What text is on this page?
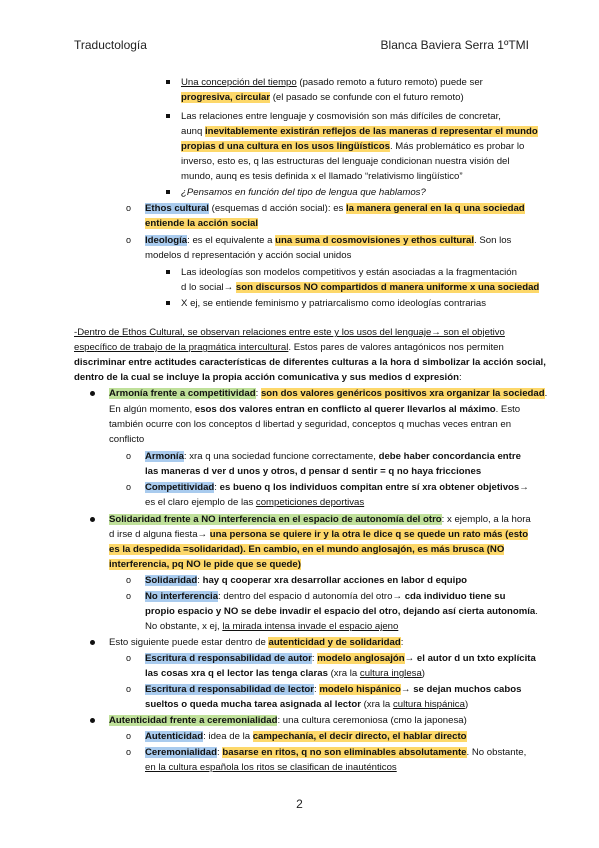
Traductología	Blanca Baviera Serra 1ºTMI
o
o
o
o
o
o
o
o
o
o
Una concepción del tiempo (pasado remoto a futuro remoto) puede ser
progresiva, circular (el pasado se confunde con el futuro remoto)
Las relaciones entre lenguaje y cosmovisión son más difíciles de concretar,
aunq inevitablemente existirán reflejos de las maneras d representar el mundo
propias d una cultura en los usos lingüísticos. Más problemático es probar lo
inverso, esto es, q las estructuras del lenguaje condicionan nuestra visión del
mundo, aunq es tesis definida x el llamado “relativismo lingüístico”
¿Pensamos en función del tipo de lengua que hablamos?
Ethos cultural (esquemas d acción social): es la manera general en la q una sociedad
entiende la acción social
Ideología: es el equivalente a una suma d cosmovisiones y ethos cultural. Son los
modelos d representación y acción social unidos
Las ideologías son modelos competitivos y están asociadas a la fragmentación
d lo social→ son discursos NO compartidos d manera uniforme x una sociedad
X ej, se entiende feminismo y patriarcalismo como ideologías contrarias
-Dentro de Ethos Cultural, se observan relaciones entre este y los usos del lenguaje→ son el objetivo
específico de trabajo de la pragmática intercultural. Estos pares de valores antagónicos nos permiten
discriminar entre actitudes características de diferentes culturas a la hora d simbolizar la acción social,
dentro de la cual se incluye la propia acción comunicativa y sus medios d expresión:
Armonía frente a competitividad: son dos valores genéricos positivos xra organizar la sociedad.
En algún momento, esos dos valores entran en conflicto al querer llevarlos al máximo. Esto
también ocurre con los conceptos d libertad y seguridad, conceptos q muchas veces entran en
conflicto
Armonía: xra q una sociedad funcione correctamente, debe haber concordancia entre
las maneras d ver d unos y otros, d pensar d sentir = q no haya fricciones
Competitividad: es bueno q los individuos compitan entre sí xra obtener objetivos→
es el claro ejemplo de las competiciones deportivas
Solidaridad frente a NO interferencia en el espacio de autonomía del otro: x ejemplo, a la hora
d irse d alguna fiesta→ una persona se quiere ir y la otra le dice q se quede un rato más (esto
es la despedida =solidaridad). En cambio, en el mundo anglosajón, es más brusca (NO
interferencia, pq NO le pide que se quede)
Solidaridad: hay q cooperar xra desarrollar acciones en labor d equipo
No interferencia: dentro del espacio d autonomía del otro→ cda individuo tiene su
propio espacio y NO se debe invadir el espacio del otro, dejando así cierta autonomía.
No obstante, x ej, la mirada intensa invade el espacio ajeno
Esto siguiente puede estar dentro de autenticidad y de solidaridad:
Escritura d responsabilidad de autor: modelo anglosajón→ el autor d un txto explícita
las cosas xra q el lector las tenga claras (xra la cultura inglesa)
Escritura d responsabilidad de lector: modelo hispánico→ se dejan muchos cabos
sueltos o queda mucha tarea asignada al lector (xra la cultura hispánica)
Autenticidad frente a ceremonialidad: una cultura ceremoniosa (cmo la japonesa)
Autenticidad: idea de la campechanía, el decir directo, el hablar directo
Ceremonialidad: basarse en ritos, q no son eliminables absolutamente. No obstante,
en la cultura española los ritos se clasifican de inauténticos
2
